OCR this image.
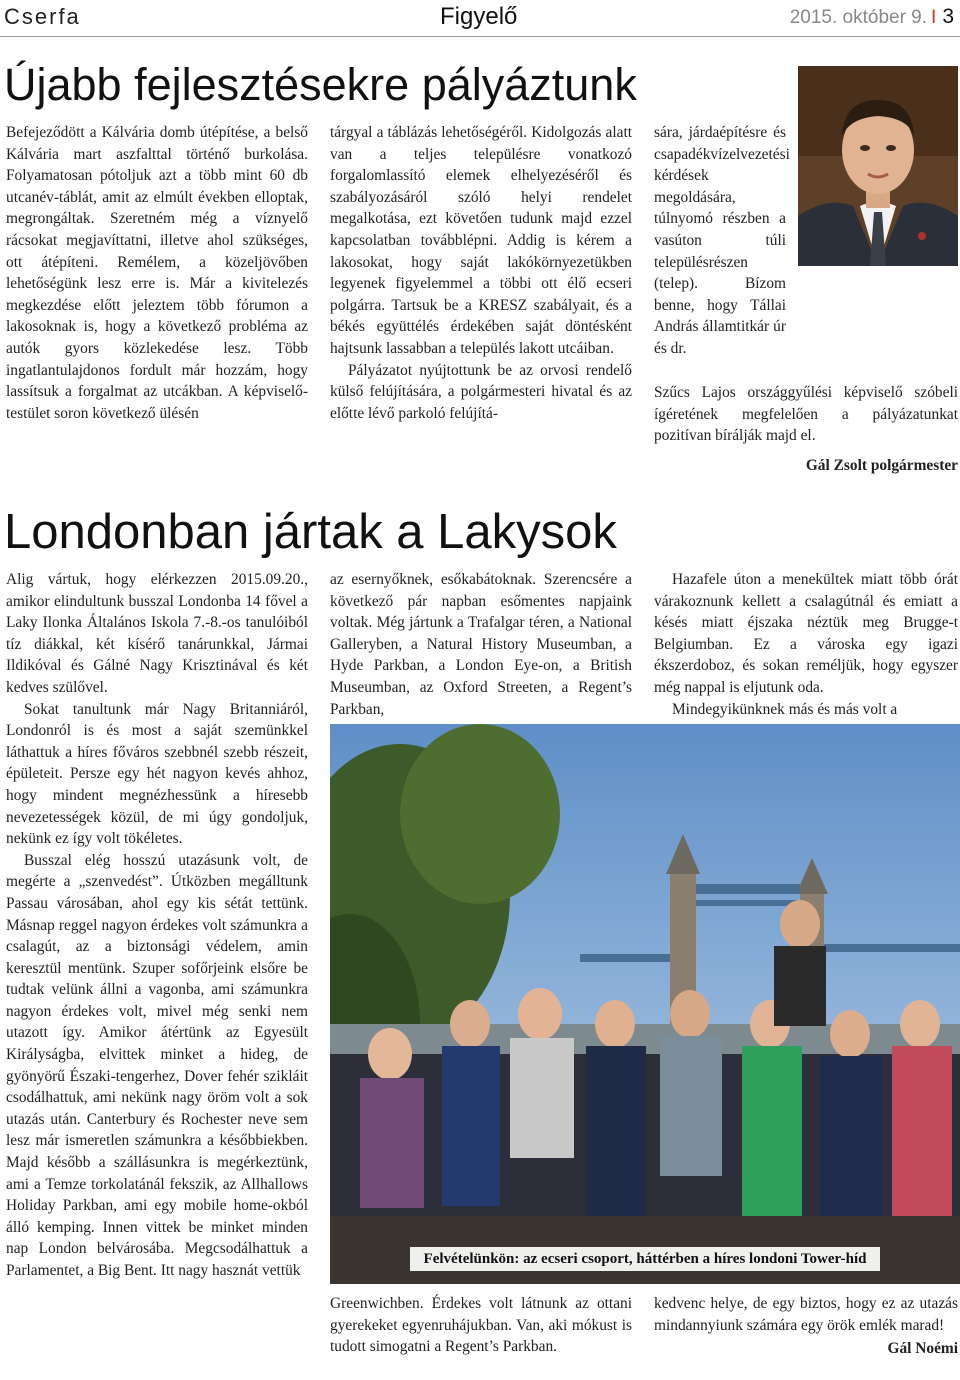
Cserfa	Figyelő	2015. október 9. I 3
Újabb fejlesztésekre pályáztunk

Befejeződött a Kálvária domb útépítése, a belső Kálvária mart aszfalttal történő burkolása. Folyamatosan pótoljuk azt a több mint 60 db utcanév-táblát, amit az elmúlt években elloptak, megrongáltak. Szeretném még a víznyelő rácsokat megjavíttatni, illetve ahol szükséges, ott átépíteni. Remélem, a közeljövőben lehetőségünk lesz erre is. Már a kivitelezés megkezdése előtt jeleztem több fórumon a lakosoknak is, hogy a következő probléma az autók gyors közlekedése lesz. Több ingatlantulajdonos fordult már hozzám, hogy lassítsuk a forgalmat az utcákban. A képviselő-testület soron következő ülésén

tárgyal a táblázás lehetőségéről. Kidolgozás alatt van a teljes településre vonatkozó forgalomlassító elemek elhelyezéséről és szabályozásáról szóló helyi rendelet megalkotása, ezt követően tudunk majd ezzel kapcsolatban továbblépni. Addig is kérem a lakosokat, hogy saját lakókörnyezetükben legyenek figyelemmel a többi ott élő ecseri polgárra. Tartsuk be a KRESZ szabályait, és a békés együttélés érdekében saját döntésként hajtsunk lassabban a település lakott utcáiban.

Pályázatot nyújtottunk be az orvosi rendelő külső felújítására, a polgármesteri hivatal és az előtte lévő parkoló felújítá-

sára, járdaépítésre és csapadékvízelvezetési kérdések megoldására, túlnyomó részben a vasúton túli településrészen (telep). Bízom benne, hogy Tállai András államtitkár úr és dr.

Szűcs Lajos országgyűlési képviselő szóbeli ígéretének megfelelően a pályázatunkat pozitívan bírálják majd el.

Gál Zsolt polgármester
Londonban jártak a Lakysok

Alig vártuk, hogy elérkezzen 2015.09.20., amikor elindultunk busszal Londonba 14 fővel a Laky Ilonka Általános Iskola 7.-8.-os tanulóiból tíz diákkal, két kísérő tanárunkkal, Jármai Ildikóval és Gálné Nagy Krisztinával és két kedves szülővel.

Sokat tanultunk már Nagy Britanniáról, Londonról is és most a saját szemünkkel láthattuk a híres főváros szebbnél szebb részeit, épületeit. Persze egy hét nagyon kevés ahhoz, hogy mindent megnézhessünk a híresebb nevezetességek közül, de mi úgy gondoljuk, nekünk ez így volt tökéletes.

Busszal elég hosszú utazásunk volt, de megérte a „szenvedést”. Útközben megálltunk Passau városában, ahol egy kis sétát tettünk. Másnap reggel nagyon érdekes volt számunkra a csalagút, az a biztonsági védelem, amin keresztül mentünk. Szuper sofőrjeink elsőre be tudtak velünk állni a vagonba, ami számunkra nagyon érdekes volt, mivel még senki nem utazott így. Amikor átértünk az Egyesült Királyságba, elvittek minket a hideg, de gyönyörű Északi-tengerhez, Dover fehér szikláit csodálhattuk, ami nekünk nagy öröm volt a sok utazás után. Canterbury és Rochester neve sem lesz már ismeretlen számunkra a későbbiekben. Majd később a szállásunkra is megérkeztünk, ami a Temze torkolatánál fekszik, az Allhallows Holiday Parkban, ami egy mobile home-okból álló kemping. Innen vittek be minket minden nap London belvárosába. Megcsodálhattuk a Parlamentet, a Big Bent. Itt nagy hasznát vettük

az esernyőknek, esőkabátoknak. Szerencsére a következő pár napban esőmentes napjaink voltak. Még jártunk a Trafalgar téren, a National Galleryben, a Natural History Museumban, a Hyde Parkban, a London Eye-on, a British Museumban, az Oxford Streeten, a Regent’s Parkban,

Hazafele úton a menekültek miatt több órát várakoznunk kellett a csalagútnál és emiatt a késés miatt éjszaka néztük meg Brugge-t Belgiumban. Ez a városka egy igazi ékszerdoboz, és sokan reméljük, hogy egyszer még nappal is eljutunk oda.

Mindegyikünknek más és más volt a

Felvételünkön: az ecseri csoport, háttérben a híres londoni Tower-híd

Greenwichben. Érdekes volt látnunk az ottani gyerekeket egyenruhájukban. Van, aki mókust is tudott simogatni a Regent’s Parkban.

kedvenc helye, de egy biztos, hogy ez az utazás mindannyiunk számára egy örök emlék marad!

Gál Noémi
